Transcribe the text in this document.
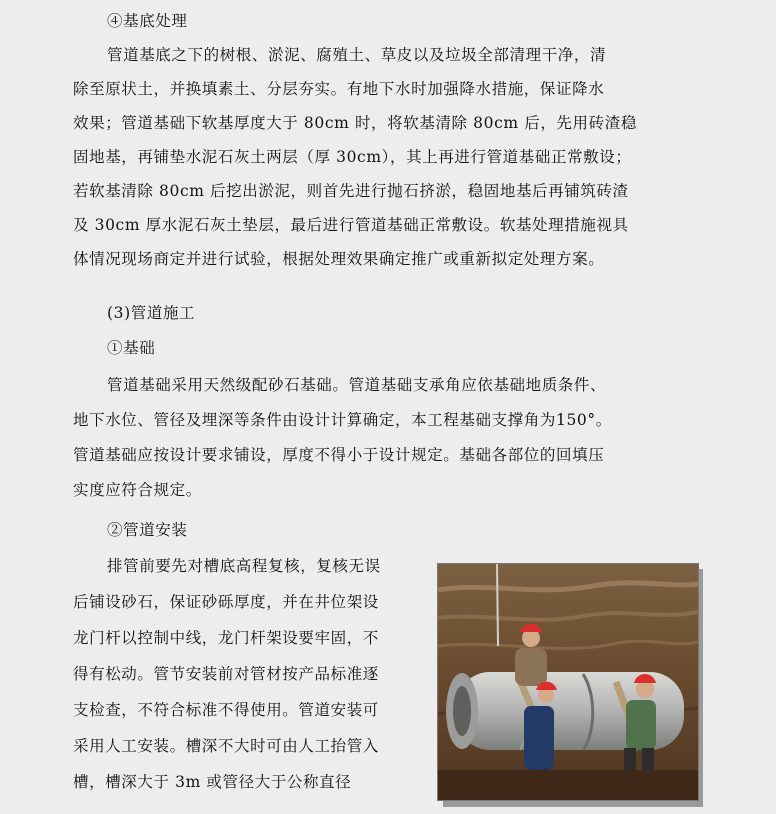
④基底处理
管道基底之下的树根、淤泥、腐殖土、草皮以及垃圾全部清理干净，清
除至原状土，并换填素土、分层夯实。有地下水时加强降水措施，保证降水
效果；管道基础下软基厚度大于 80cm 时，将软基清除 80cm 后，先用砖渣稳
固地基，再铺垫水泥石灰土两层（厚 30cm），其上再进行管道基础正常敷设；
若软基清除 80cm 后挖出淤泥，则首先进行抛石挤淤，稳固地基后再铺筑砖渣
及 30cm 厚水泥石灰土垫层，最后进行管道基础正常敷设。软基处理措施视具
体情况现场商定并进行试验，根据处理效果确定推广或重新拟定处理方案。
(3)管道施工
①基础
管道基础采用天然级配砂石基础。管道基础支承角应依基础地质条件、
地下水位、管径及埋深等条件由设计计算确定，本工程基础支撑角为150°。
管道基础应按设计要求铺设，厚度不得小于设计规定。基础各部位的回填压
实度应符合规定。
②管道安装
排管前要先对槽底高程复核，复核无误
后铺设砂石，保证砂砾厚度，并在井位架设
龙门杆以控制中线，龙门杆架设要牢固，不
得有松动。管节安装前对管材按产品标准逐
支检查，不符合标准不得使用。管道安装可
采用人工安装。槽深不大时可由人工抬管入
槽，槽深大于 3m 或管径大于公称直径
